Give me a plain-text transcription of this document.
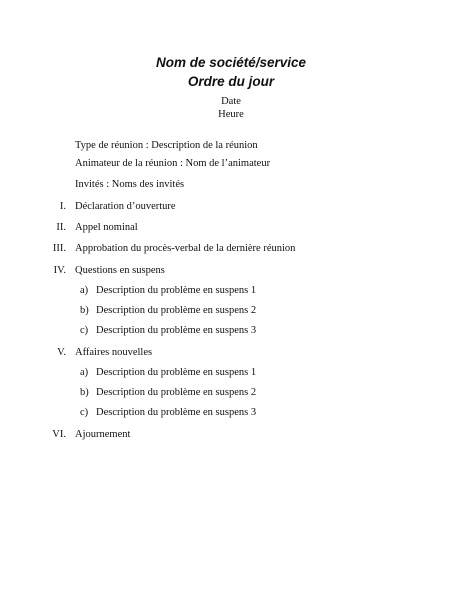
Nom de société/service
Ordre du jour
Date
Heure
Type de réunion : Description de la réunion
Animateur de la réunion : Nom de l’animateur
Invités : Noms des invités
I. Déclaration d’ouverture
II. Appel nominal
III. Approbation du procès-verbal de la dernière réunion
IV. Questions en suspens
a) Description du problème en suspens 1
b) Description du problème en suspens 2
c) Description du problème en suspens 3
V. Affaires nouvelles
a) Description du problème en suspens 1
b) Description du problème en suspens 2
c) Description du problème en suspens 3
VI. Ajournement
